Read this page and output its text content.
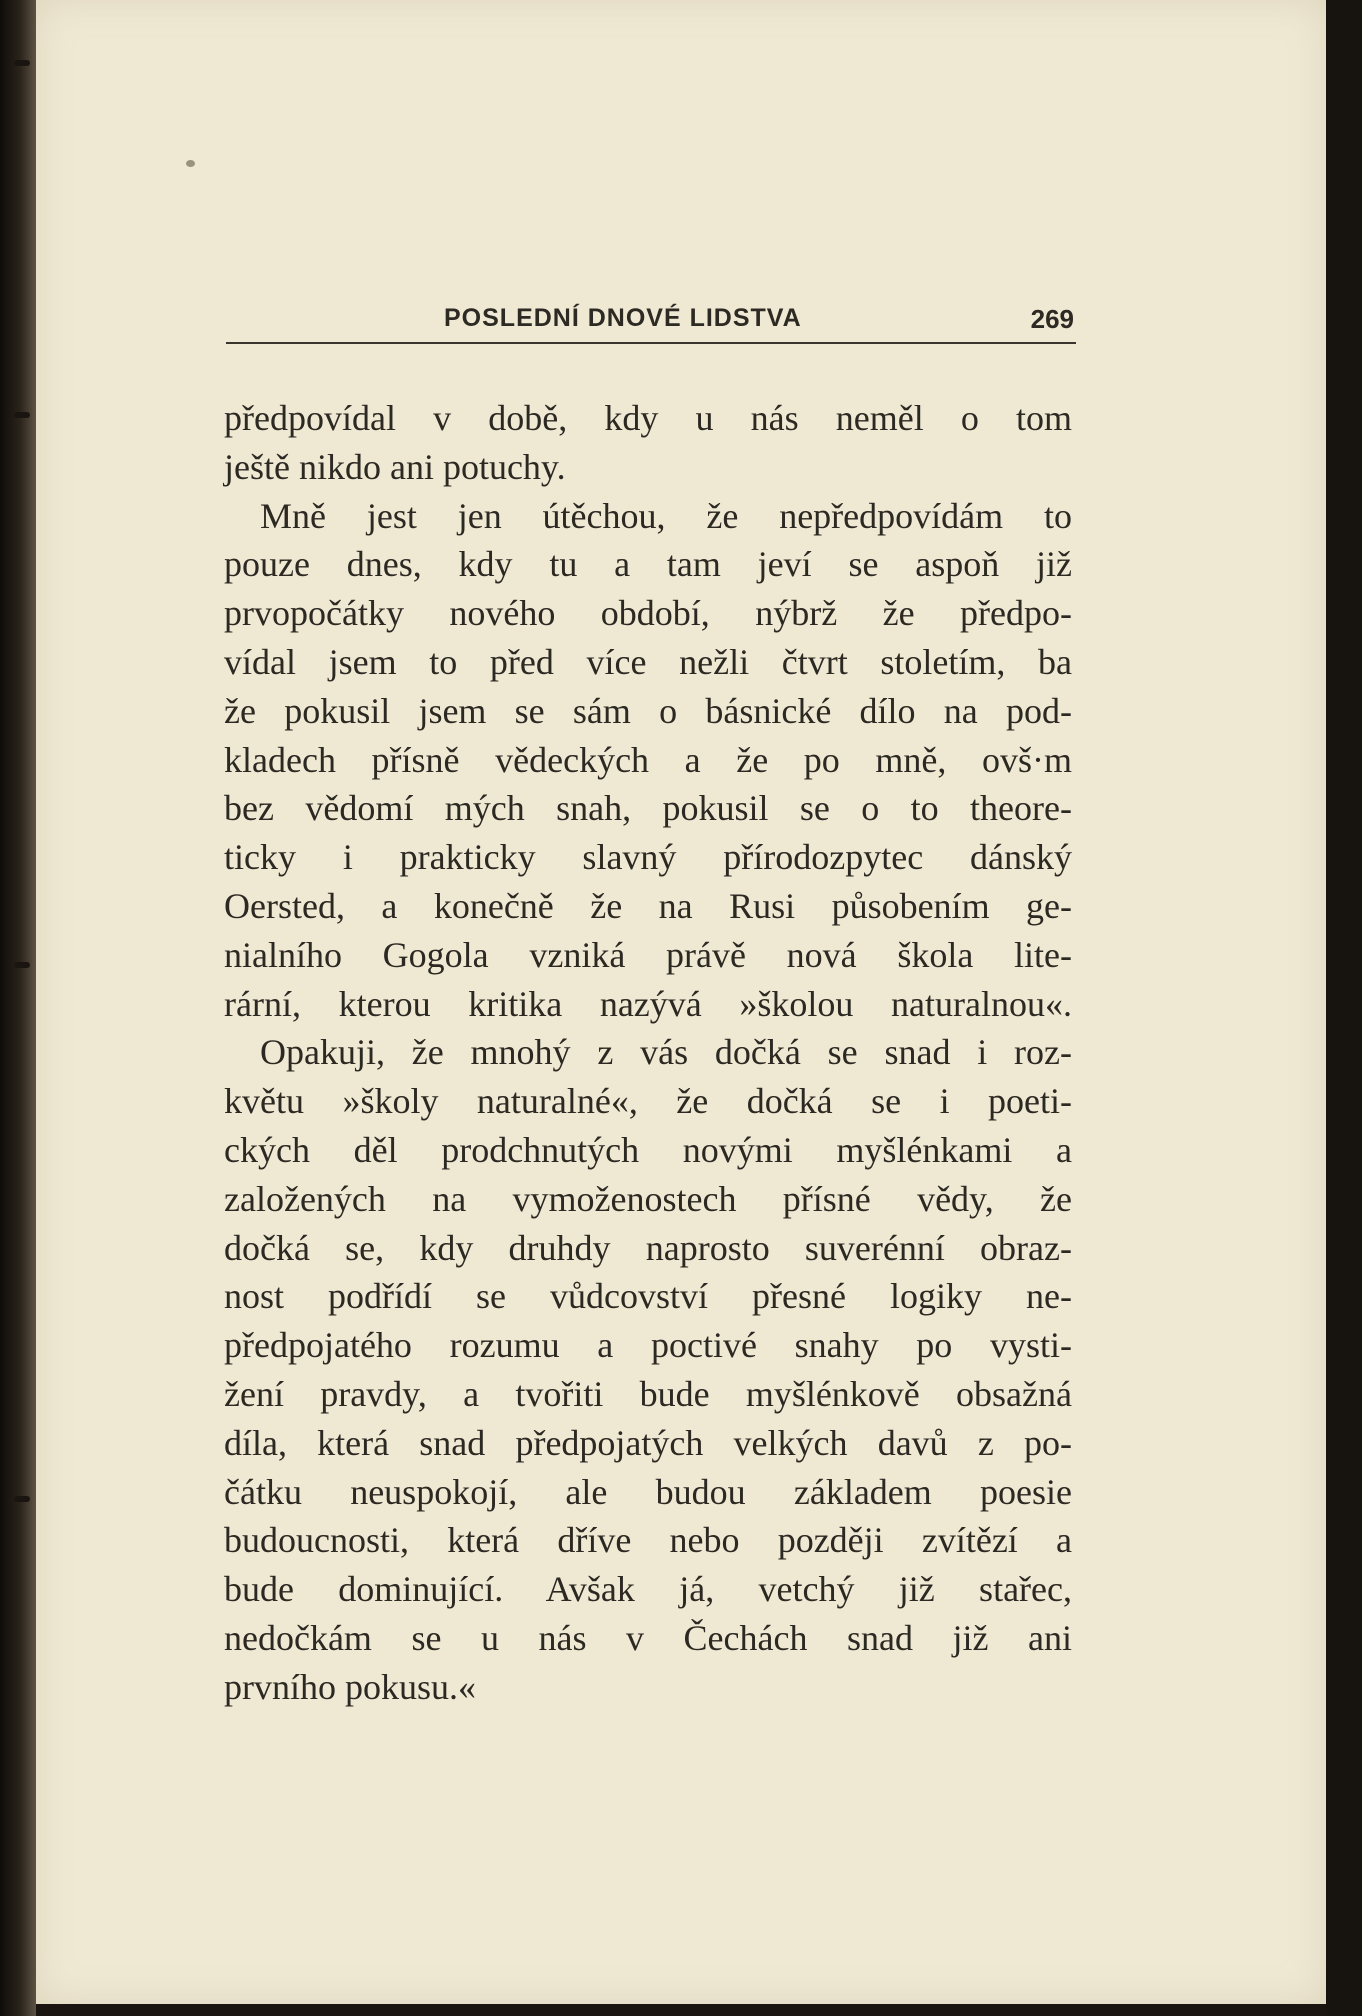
POSLEDNÍ DNOVÉ LIDSTVA	269
předpovídal v době, kdy u nás neměl o tom
ještě nikdo ani potuchy.
Mně jest jen útěchou, že nepředpovídám to
pouze dnes, kdy tu a tam jeví se aspoň již
prvopočátky nového období, nýbrž že předpo-
vídal jsem to před více nežli čtvrt stoletím, ba
že pokusil jsem se sám o básnické dílo na pod-
kladech přísně vědeckých a že po mně, ovš·m
bez vědomí mých snah, pokusil se o to theore-
ticky i prakticky slavný přírodozpytec dánský
Oersted, a konečně že na Rusi působením ge-
nialního Gogola vzniká právě nová škola lite-
rární, kterou kritika nazývá »školou naturalnou«.
Opakuji, že mnohý z vás dočká se snad i roz-
květu »školy naturalné«, že dočká se i poeti-
ckých děl prodchnutých novými myšlénkami a
založených na vymoženostech přísné vědy, že
dočká se, kdy druhdy naprosto suverénní obraz-
nost podřídí se vůdcovství přesné logiky ne-
předpojatého rozumu a poctivé snahy po vysti-
žení pravdy, a tvořiti bude myšlénkově obsažná
díla, která snad předpojatých velkých davů z po-
čátku neuspokojí, ale budou základem poesie
budoucnosti, která dříve nebo později zvítězí a
bude dominující. Avšak já, vetchý již stařec,
nedočkám se u nás v Čechách snad již ani
prvního pokusu.«
